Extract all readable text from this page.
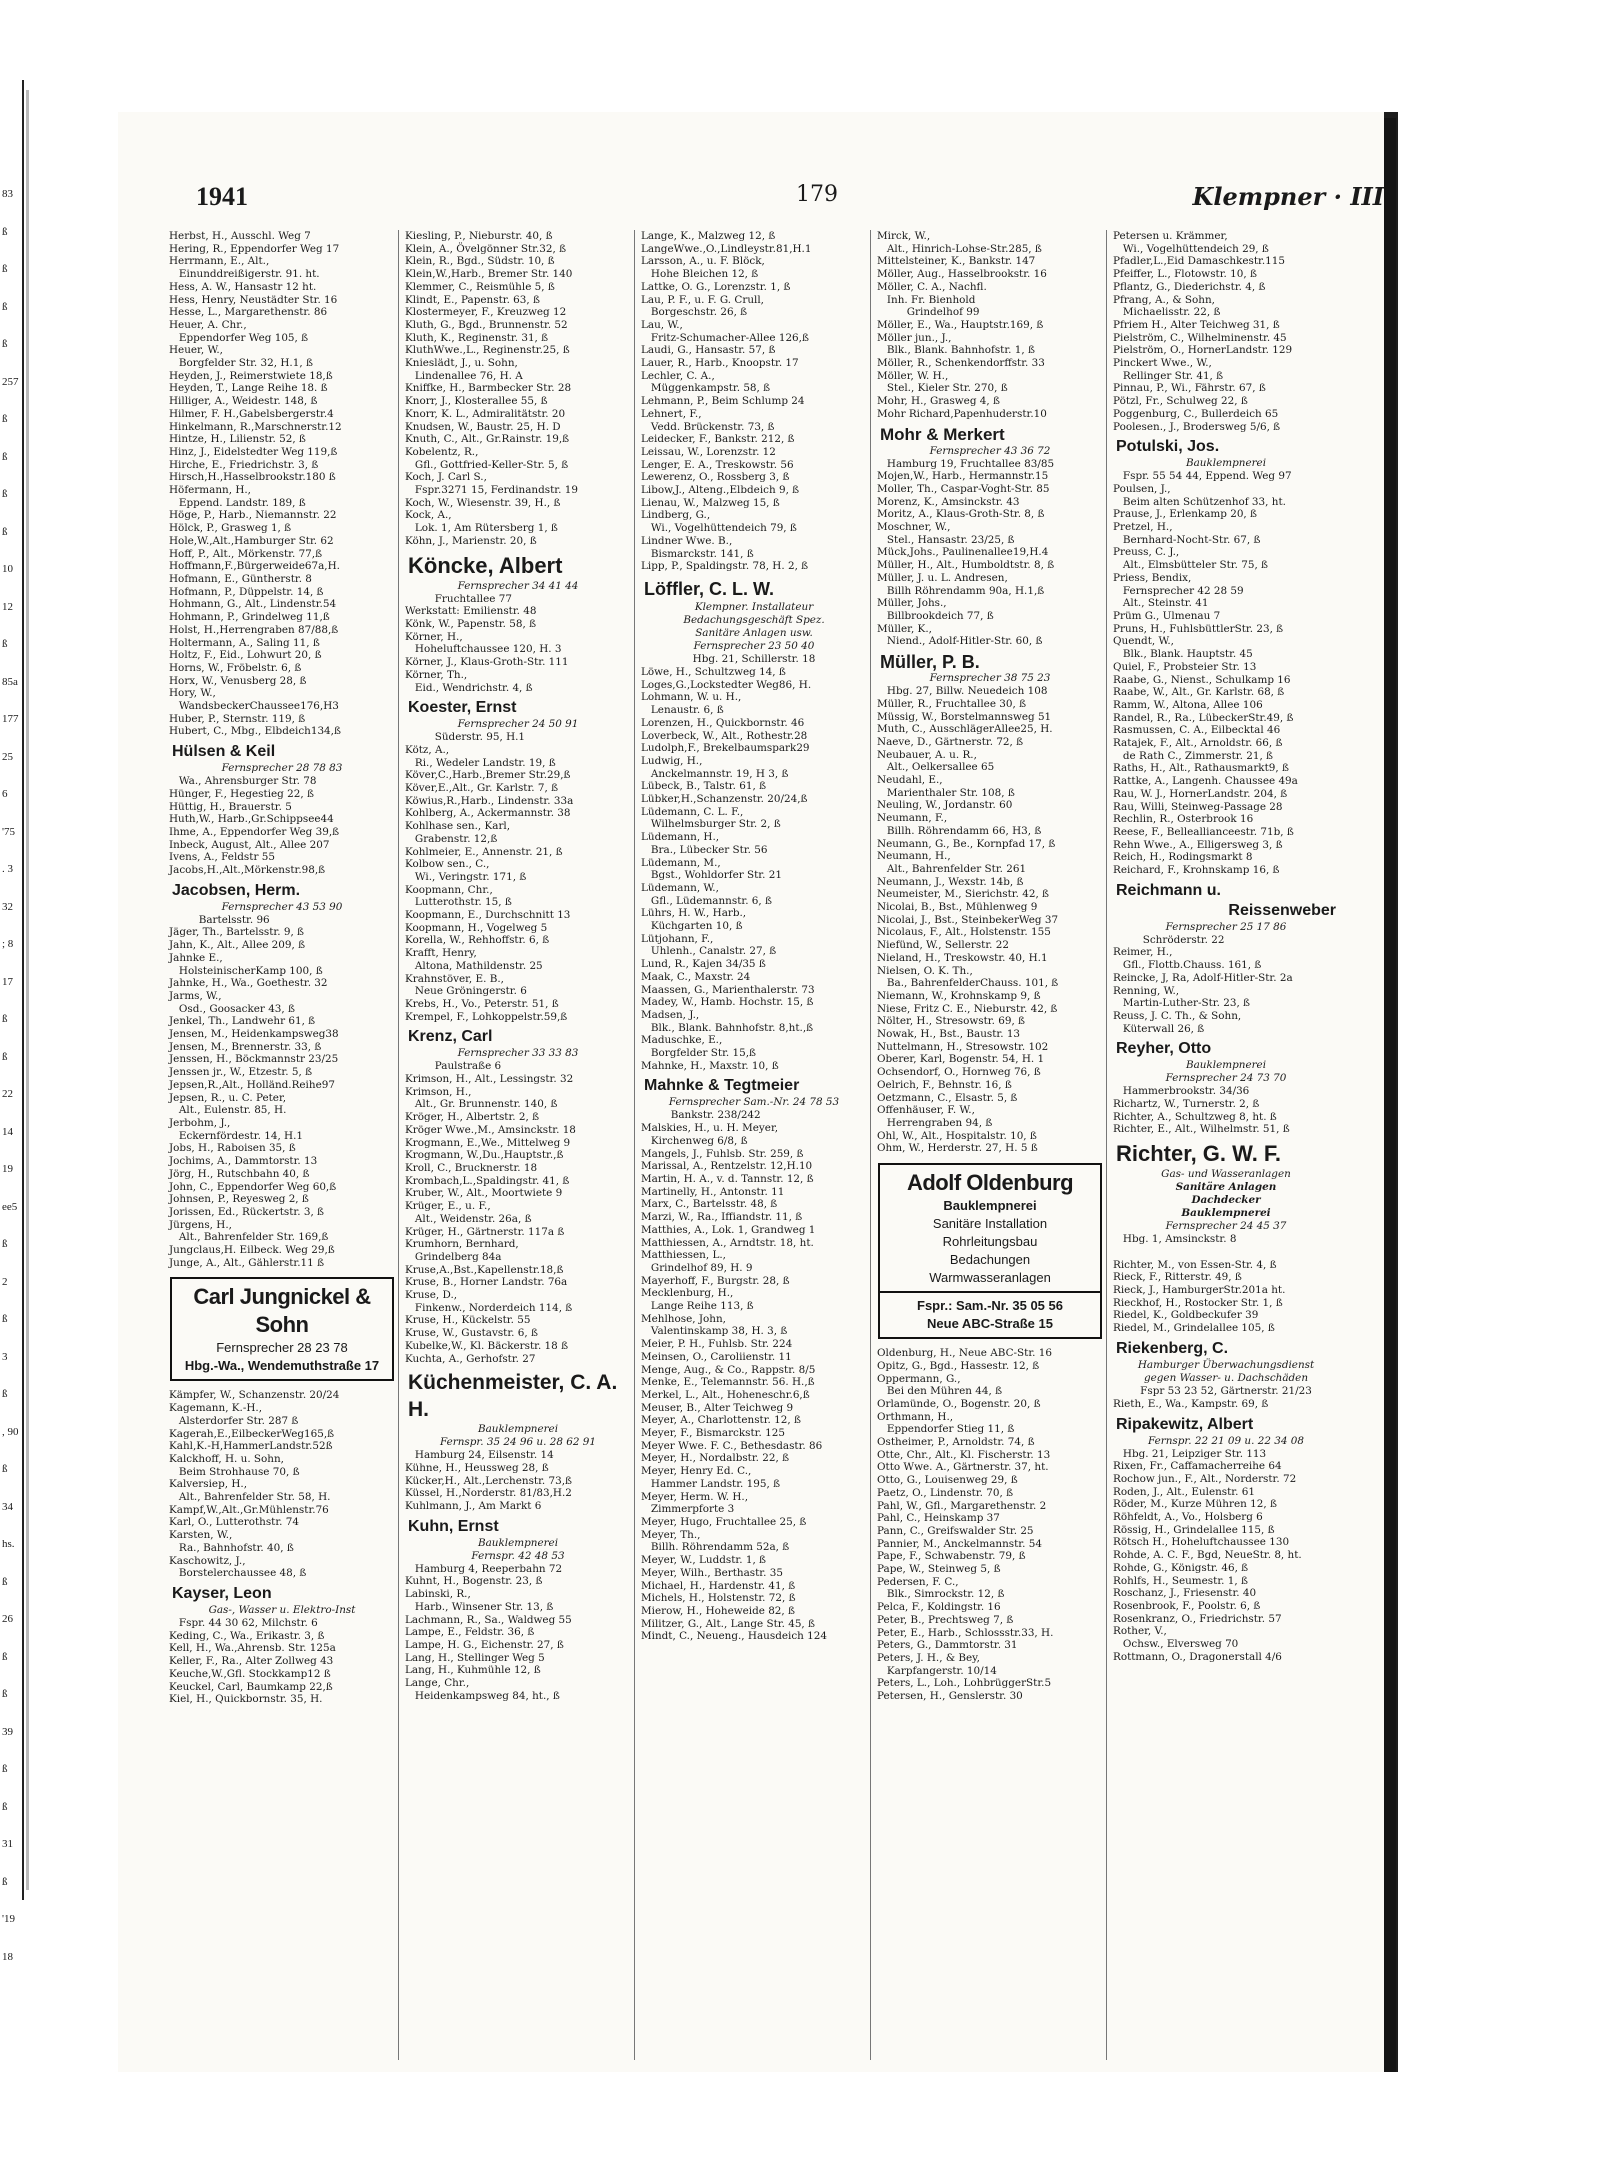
83
ß
ß
ß
ß
257
ß
ß
ß
ß
10
12
ß
85a
177
25
6
'75
. 3
32
; 8
17
ß
ß
22
14
19
ee5
ß
2
ß
3
ß
, 90
ß
34
hs.
ß
26
ß
ß
39
ß
ß
31
ß
'19
18
1941	179	Klempner · III
Herbst, H., Ausschl. Weg 7
Hering, R., Eppendorfer Weg 17
Herrmann, E., Alt.,
Einunddreißigerstr. 91. ht.
Hess, A. W., Hansastr 12 ht.
Hess, Henry, Neustädter Str. 16
Hesse, L., Margarethenstr. 86
Heuer, A. Chr.,
Eppendorfer Weg 105, ß
Heuer, W.,
Borgfelder Str. 32, H.1, ß
Heyden, J., Reimerstwiete 18,ß
Heyden, T., Lange Reihe 18. ß
Hilliger, A., Weidestr. 148, ß
Hilmer, F. H.,Gabelsbergerstr.4
Hinkelmann, R.,Marschnerstr.12
Hintze, H., Lilienstr. 52, ß
Hinz, J., Eidelstedter Weg 119,ß
Hirche, E., Friedrichstr. 3, ß
Hirsch,H.,Hasselbrookstr.180 ß
Höfermann, H.,
Eppend. Landstr. 189, ß
Höge, P., Harb., Niemannstr. 22
Hölck, P., Grasweg 1, ß
Hole,W.,Alt.,Hamburger Str. 62
Hoff, P., Alt., Mörkenstr. 77,ß
Hoffmann,F.,Bürgerweide67a,H.
Hofmann, E., Güntherstr. 8
Hofmann, P., Düppelstr. 14, ß
Hohmann, G., Alt., Lindenstr.54
Hohmann, P., Grindelweg 11,ß
Holst, H.,Herrengraben 87/88,ß
Holtermann, A., Saling 11, ß
Holtz, F., Eid., Lohwurt 20, ß
Horns, W., Fröbelstr. 6, ß
Horx, W., Venusberg 28, ß
Hory, W.,
WandsbeckerChaussee176,H3
Huber, P., Sternstr. 119, ß
Hubert, C., Mbg., Elbdeich134,ß
Hülsen & Keil
Fernsprecher 28 78 83
Wa., Ahrensburger Str. 78
Hünger, F., Hegestieg 22, ß
Hüttig, H., Brauerstr. 5
Huth,W., Harb.,Gr.Schippsee44
Ihme, A., Eppendorfer Weg 39,ß
Inbeck, August, Alt., Allee 207
Ivens, A., Feldstr 55
Jacobs,H.,Alt.,Mörkenstr.98,ß
Jacobsen, Herm.
Fernsprecher 43 53 90
Bartelsstr. 96
Jäger, Th., Bartelsstr. 9, ß
Jahn, K., Alt., Allee 209, ß
Jahnke E.,
HolsteinischerKamp 100, ß
Jahnke, H., Wa., Goethestr. 32
Jarms, W.,
Osd., Goosacker 43, ß
Jenkel, Th., Landwehr 61, ß
Jensen, M., Heidenkampsweg38
Jensen, M., Brennerstr. 33, ß
Jenssen, H., Böckmannstr 23/25
Jenssen jr., W., Etzestr. 5, ß
Jepsen,R.,Alt., Holländ.Reihe97
Jepsen, R., u. C. Peter,
Alt., Eulenstr. 85, H.
Jerbohm, J.,
Eckernfördestr. 14, H.1
Jobs, H., Raboisen 35, ß
Jochims, A., Dammtorstr. 13
Jörg, H., Rutschbahn 40, ß
John, C., Eppendorfer Weg 60,ß
Johnsen, P., Reyesweg 2, ß
Jorissen, Ed., Rückertstr. 3, ß
Jürgens, H.,
Alt., Bahrenfelder Str. 169,ß
Jungclaus,H. Eilbeck. Weg 29,ß
Junge, A., Alt., Gählerstr.11 ß
Carl Jungnickel & Sohn
Fernsprecher 28 23 78
Hbg.-Wa., Wendemuthstraße 17
Kämpfer, W., Schanzenstr. 20/24
Kagemann, K.-H.,
Alsterdorfer Str. 287 ß
Kagerah,E.,EilbeckerWeg165,ß
Kahl,K.-H,HammerLandstr.52ß
Kalckhoff, H. u. Sohn,
Beim Strohhause 70, ß
Kalversiep, H.,
Alt., Bahrenfelder Str. 58, H.
Kampf,W.,Alt.,Gr.Mühlenstr.76
Karl, O., Lutterothstr. 74
Karsten, W.,
Ra., Bahnhofstr. 40, ß
Kaschowitz, J.,
Borstelerchaussee 48, ß
Kayser, Leon
Gas-, Wasser u. Elektro-Inst
Fspr. 44 30 62, Milchstr. 6
Keding, C., Wa., Erikastr. 3, ß
Kell, H., Wa.,Ahrensb. Str. 125a
Keller, F., Ra., Alter Zollweg 43
Keuche,W.,Gfl. Stockkamp12 ß
Keuckel, Carl, Baumkamp 22,ß
Kiel, H., Quickbornstr. 35, H.
Kiesling, P., Nieburstr. 40, ß
Klein, A., Övelgönner Str.32, ß
Klein, R., Bgd., Südstr. 10, ß
Klein,W.,Harb., Bremer Str. 140
Klemmer, C., Reismühle 5, ß
Klindt, E., Papenstr. 63, ß
Klostermeyer, F., Kreuzweg 12
Kluth, G., Bgd., Brunnenstr. 52
Kluth, K., Reginenstr. 31, ß
KluthWwe.,L., Reginenstr.25, ß
Knieslädt, J., u. Sohn,
Lindenallee 76, H. A
Kniffke, H., Barmbecker Str. 28
Knorr, J., Klosterallee 55, ß
Knorr, K. L., Admiralitätstr. 20
Knudsen, W., Baustr. 25, H. D
Knuth, C., Alt., Gr.Rainstr. 19,ß
Kobelentz, R.,
Gfl., Gottfried-Keller-Str. 5, ß
Koch, J. Carl S.,
Fspr.3271 15, Ferdinandstr. 19
Koch, W., Wiesenstr. 39, H., ß
Kock, A.,
Lok. 1, Am Rütersberg 1, ß
Köhn, J., Marienstr. 20, ß
Köncke, Albert
Fernsprecher 34 41 44
Fruchtallee 77
Werkstatt: Emilienstr. 48
Könk, W., Papenstr. 58, ß
Körner, H.,
Hoheluftchaussee 120, H. 3
Körner, J., Klaus-Groth-Str. 111
Körner, Th.,
Eid., Wendrichstr. 4, ß
Koester, Ernst
Fernsprecher 24 50 91
Süderstr. 95, H.1
Kötz, A.,
Ri., Wedeler Landstr. 19, ß
Köver,C.,Harb.,Bremer Str.29,ß
Köver,E.,Alt., Gr. Karlstr. 7, ß
Köwius,R.,Harb., Lindenstr. 33a
Kohlberg, A., Ackermannstr. 38
Kohlhase sen., Karl,
Grabenstr. 12,ß
Kohlmeier, E., Annenstr. 21, ß
Kolbow sen., C.,
Wi., Veringstr. 171, ß
Koopmann, Chr.,
Lutterothstr. 15, ß
Koopmann, E., Durchschnitt 13
Koopmann, H., Vogelweg 5
Korella, W., Rehhoffstr. 6, ß
Krafft, Henry,
Altona, Mathildenstr. 25
Krahnstöver, E. B.,
Neue Gröningerstr. 6
Krebs, H., Vo., Peterstr. 51, ß
Krempel, F., Lohkoppelstr.59,ß
Krenz, Carl
Fernsprecher 33 33 83
Paulstraße 6
Krimson, H., Alt., Lessingstr. 32
Krimson, H.,
Alt., Gr. Brunnenstr. 140, ß
Kröger, H., Albertstr. 2, ß
Kröger Wwe.,M., Amsinckstr. 18
Krogmann, E.,We., Mittelweg 9
Krogmann, W.,Du.,Hauptstr.,ß
Kroll, C., Brucknerstr. 18
Krombach,L.,Spaldingstr. 41, ß
Kruber, W., Alt., Moortwiete 9
Krüger, E., u. F.,
Alt., Weidenstr. 26a, ß
Krüger, H., Gärtnerstr. 117a ß
Krumhorn, Bernhard,
Grindelberg 84a
Kruse,A.,Bst.,Kapellenstr.18,ß
Kruse, B., Horner Landstr. 76a
Kruse, D.,
Finkenw., Norderdeich 114, ß
Kruse, H., Kückelstr. 55
Kruse, W., Gustavstr. 6, ß
Kubelke,W., Kl. Bäckerstr. 18 ß
Kuchta, A., Gerhofstr. 27
Küchenmeister, C. A. H.
Bauklempnerei
Fernspr. 35 24 96 u. 28 62 91
Hamburg 24, Eilsenstr. 14
Kühne, H., Heussweg 28, ß
Kücker,H., Alt.,Lerchenstr. 73,ß
Küssel, H.,Norderstr. 81/83,H.2
Kuhlmann, J., Am Markt 6
Kuhn, Ernst
Bauklempnerei
Fernspr. 42 48 53
Hamburg 4, Reeperbahn 72
Kuhnt, H., Bogenstr. 23, ß
Labinski, R.,
Harb., Winsener Str. 13, ß
Lachmann, R., Sa., Waldweg 55
Lampe, E., Feldstr. 36, ß
Lampe, H. G., Eichenstr. 27, ß
Lang, H., Stellinger Weg 5
Lang, H., Kuhmühle 12, ß
Lange, Chr.,
Heidenkampsweg 84, ht., ß
Lange, K., Malzweg 12, ß
LangeWwe.,O.,Lindleystr.81,H.1
Larsson, A., u. F. Blöck,
Hohe Bleichen 12, ß
Lattke, O. G., Lorenzstr. 1, ß
Lau, P. F., u. F. G. Crull,
Borgeschstr. 26, ß
Lau, W.,
Fritz-Schumacher-Allee 126,ß
Laudi, G., Hansastr. 57, ß
Lauer, R., Harb., Knoopstr. 17
Lechler, C. A.,
Müggenkampstr. 58, ß
Lehmann, P., Beim Schlump 24
Lehnert, F.,
Vedd. Brückenstr. 73, ß
Leidecker, F., Bankstr. 212, ß
Leissau, W., Lorenzstr. 12
Lenger, E. A., Treskowstr. 56
Lewerenz, O., Rossberg 3, ß
Libow,J., Alteng.,Elbdeich 9, ß
Lienau, W., Malzweg 15, ß
Lindberg, G.,
Wi., Vogelhüttendeich 79, ß
Lindner Wwe. B.,
Bismarckstr. 141, ß
Lipp, P., Spaldingstr. 78, H. 2, ß
Löffler, C. L. W.
Klempner. Installateur
Bedachungsgeschäft Spez.
Sanitäre Anlagen usw.
Fernsprecher 23 50 40
Hbg. 21, Schillerstr. 18
Löwe, H., Schultzweg 14, ß
Loges,G.,Lockstedter Weg86, H.
Lohmann, W. u. H.,
Lenaustr. 6, ß
Lorenzen, H., Quickbornstr. 46
Loverbeck, W., Alt., Rothestr.28
Ludolph,F., Brekelbaumspark29
Ludwig, H.,
Anckelmannstr. 19, H 3, ß
Lübeck, B., Talstr. 61, ß
Lübker,H.,Schanzenstr. 20/24,ß
Lüdemann, C. L. F.,
Wilhelmsburger Str. 2, ß
Lüdemann, H.,
Bra., Lübecker Str. 56
Lüdemann, M.,
Bgst., Wohldorfer Str. 21
Lüdemann, W.,
Gfl., Lüdemannstr. 6, ß
Lührs, H. W., Harb.,
Küchgarten 10, ß
Lütjohann, F.,
Uhlenh., Canalstr. 27, ß
Lund, R., Kajen 34/35 ß
Maak, C., Maxstr. 24
Maassen, G., Marienthalerstr. 73
Madey, W., Hamb. Hochstr. 15, ß
Madsen, J.,
Blk., Blank. Bahnhofstr. 8,ht.,ß
Maduschke, E.,
Borgfelder Str. 15,ß
Mahnke, H., Maxstr. 10, ß
Mahnke & Tegtmeier
Fernsprecher Sam.-Nr. 24 78 53
Bankstr. 238/242
Malskies, H., u. H. Meyer,
Kirchenweg 6/8, ß
Mangels, J., Fuhlsb. Str. 259, ß
Marissal, A., Rentzelstr. 12,H.10
Martin, H. A., v. d. Tannstr. 12, ß
Martinelly, H., Antonstr. 11
Marx, C., Bartelsstr. 48, ß
Marzi, W., Ra., Iffiandstr. 11, ß
Matthies, A., Lok. 1, Grandweg 1
Matthiessen, A., Arndtstr. 18, ht.
Matthiessen, L.,
Grindelhof 89, H. 9
Mayerhoff, F., Burgstr. 28, ß
Mecklenburg, H.,
Lange Reihe 113, ß
Mehlhose, John,
Valentinskamp 38, H. 3, ß
Meier, P. H., Fuhlsb. Str. 224
Meinsen, O., Caroliienstr. 11
Menge, Aug., & Co., Rappstr. 8/5
Menke, E., Telemannstr. 56. H.,ß
Merkel, L., Alt., Hoheneschr.6,ß
Meuser, B., Alter Teichweg 9
Meyer, A., Charlottenstr. 12, ß
Meyer, F., Bismarckstr. 125
Meyer Wwe. F. C., Bethesdastr. 86
Meyer, H., Nordalbstr. 22, ß
Meyer, Henry Ed. C.,
Hammer Landstr. 195, ß
Meyer, Herm. W. H.,
Zimmerpforte 3
Meyer, Hugo, Fruchtallee 25, ß
Meyer, Th.,
Billh. Röhrendamm 52a, ß
Meyer, W., Luddstr. 1, ß
Meyer, Wilh., Berthastr. 35
Michael, H., Hardenstr. 41, ß
Michels, H., Holstenstr. 72, ß
Mierow, H., Hoheweide 82, ß
Militzer, G., Alt., Lange Str. 45, ß
Mindt, C., Neueng., Hausdeich 124
Mirck, W.,
Alt., Hinrich-Lohse-Str.285, ß
Mittelsteiner, K., Bankstr. 147
Möller, Aug., Hasselbrookstr. 16
Möller, C. A., Nachfl.
Inh. Fr. Bienhold
Grindelhof 99
Möller, E., Wa., Hauptstr.169, ß
Möller jun., J.,
Blk., Blank. Bahnhofstr. 1, ß
Möller, R., Schenkendorffstr. 33
Möller, W. H.,
Stel., Kieler Str. 270, ß
Mohr, H., Grasweg 4, ß
Mohr Richard,Papenhuderstr.10
Mohr & Merkert
Fernsprecher 43 36 72
Hamburg 19, Fruchtallee 83/85
Mojen,W., Harb., Hermannstr.15
Moller, Th., Caspar-Voght-Str. 85
Morenz, K., Amsinckstr. 43
Moritz, A., Klaus-Groth-Str. 8, ß
Moschner, W.,
Stel., Hansastr. 23/25, ß
Mück,Johs., Paulinenallee19,H.4
Müller, H., Alt., Humboldtstr. 8, ß
Müller, J. u. L. Andresen,
Billh Röhrendamm 90a, H.1,ß
Müller, Johs.,
Billbrookdeich 77, ß
Müller, K.,
Niend., Adolf-Hitler-Str. 60, ß
Müller, P. B.
Fernsprecher 38 75 23
Hbg. 27, Billw. Neuedeich 108
Müller, R., Fruchtallee 30, ß
Müssig, W., Borstelmannsweg 51
Muth, C., AusschlägerAllee25, H.
Naeve, D., Gärtnerstr. 72, ß
Neubauer, A. u. R.,
Alt., Oelkersallee 65
Neudahl, E.,
Marienthaler Str. 108, ß
Neuling, W., Jordanstr. 60
Neumann, F.,
Billh. Röhrendamm 66, H3, ß
Neumann, G., Be., Kornpfad 17, ß
Neumann, H.,
Alt., Bahrenfelder Str. 261
Neumann, J., Wexstr. 14b, ß
Neumeister, M., Sierichstr. 42, ß
Nicolai, B., Bst., Mühlenweg 9
Nicolai, J., Bst., SteinbekerWeg 37
Nicolaus, F., Alt., Holstenstr. 155
Niefünd, W., Sellerstr. 22
Nieland, H., Treskowstr. 40, H.1
Nielsen, O. K. Th.,
Ba., BahrenfelderChauss. 101, ß
Niemann, W., Krohnskamp 9, ß
Niese, Fritz C. E., Nieburstr. 42, ß
Nölter, H., Stresowstr. 69, ß
Nowak, H., Bst., Baustr. 13
Nuttelmann, H., Stresowstr. 102
Oberer, Karl, Bogenstr. 54, H. 1
Ochsendorf, O., Hornweg 76, ß
Oelrich, F., Behnstr. 16, ß
Oetzmann, C., Elsastr. 5, ß
Offenhäuser, F. W.,
Herrengraben 94, ß
Ohl, W., Alt., Hospitalstr. 10, ß
Ohm, W., Herderstr. 27, H. 5 ß
Adolf Oldenburg
Bauklempnerei
Sanitäre Installation
Rohrleitungsbau
Bedachungen
Warmwasseranlagen
Fspr.: Sam.-Nr. 35 05 56
Neue ABC-Straße 15
Oldenburg, H., Neue ABC-Str. 16
Opitz, G., Bgd., Hassestr. 12, ß
Oppermann, G.,
Bei den Mühren 44, ß
Orlamünde, O., Bogenstr. 20, ß
Orthmann, H.,
Eppendorfer Stieg 11, ß
Ostheimer, P., Arnoldstr. 74, ß
Otte, Chr., Alt., Kl. Fischerstr. 13
Otto Wwe. A., Gärtnerstr. 37, ht.
Otto, G., Louisenweg 29, ß
Paetz, O., Lindenstr. 70, ß
Pahl, W., Gfl., Margarethenstr. 2
Pahl, C., Heinskamp 37
Pann, C., Greifswalder Str. 25
Pannier, M., Anckelmannstr. 54
Pape, F., Schwabenstr. 79, ß
Pape, W., Steinweg 5, ß
Pedersen, F. C.,
Blk., Simrockstr. 12, ß
Pelca, F., Koldingstr. 16
Peter, B., Prechtsweg 7, ß
Peter, E., Harb., Schlossstr.33, H.
Peters, G., Dammtorstr. 31
Peters, J. H., & Bey,
Karpfangerstr. 10/14
Peters, L., Loh., LohbrüggerStr.5
Petersen, H., Genslerstr. 30
Petersen u. Krämmer,
Wi., Vogelhüttendeich 29, ß
Pfadler,L.,Eid Damaschkestr.115
Pfeiffer, L., Flotowstr. 10, ß
Pflantz, G., Diederichstr. 4, ß
Pfrang, A., & Sohn,
Michaelisstr. 22, ß
Pfriem H., Alter Teichweg 31, ß
Pielström, C., Wilhelminenstr. 45
Pielström, O., HornerLandstr. 129
Pinckert Wwe., W.,
Rellinger Str. 41, ß
Pinnau, P., Wi., Fährstr. 67, ß
Pötzl, Fr., Schulweg 22, ß
Poggenburg, C., Bullerdeich 65
Poolesen., J., Brodersweg 5/6, ß
Potulski, Jos.
Bauklempnerei
Fspr. 55 54 44, Eppend. Weg 97
Poulsen, J.,
Beim alten Schützenhof 33, ht.
Prause, J., Erlenkamp 20, ß
Pretzel, H.,
Bernhard-Nocht-Str. 67, ß
Preuss, C. J.,
Alt., Elmsbütteler Str. 75, ß
Priess, Bendix,
Fernsprecher 42 28 59
Alt., Steinstr. 41
Prüm G., Ulmenau 7
Pruns, H., FuhlsbüttlerStr. 23, ß
Quendt, W.,
Blk., Blank. Hauptstr. 45
Quiel, F., Probsteier Str. 13
Raabe, G., Nienst., Schulkamp 16
Raabe, W., Alt., Gr. Karlstr. 68, ß
Ramm, W., Altona, Allee 106
Randel, R., Ra., LübeckerStr.49, ß
Rasmussen, C. A., Eilbecktal 46
Ratajek, F., Alt., Arnoldstr. 66, ß
de Rath C., Zimmerstr. 21, ß
Raths, H., Alt., Rathausmarkt9, ß
Rattke, A., Langenh. Chaussee 49a
Rau, W. J., HornerLandstr. 204, ß
Rau, Willi, Steinweg-Passage 28
Rechlin, R., Osterbrook 16
Reese, F., Belleallianceestr. 71b, ß
Rehn Wwe., A., Elligersweg 3, ß
Reich, H., Rodingsmarkt 8
Reichard, F., Krohnskamp 16, ß
Reichmann u.
Reissenweber
Fernsprecher 25 17 86
Schröderstr. 22
Reimer, H.,
Gfl., Flottb.Chauss. 161, ß
Reincke, J, Ra, Adolf-Hitler-Str. 2a
Renning, W.,
Martin-Luther-Str. 23, ß
Reuss, J. C. Th., & Sohn,
Küterwall 26, ß
Reyher, Otto
Bauklempnerei
Fernsprecher 24 73 70
Hammerbrookstr. 34/36
Richartz, W., Turnerstr. 2, ß
Richter, A., Schultzweg 8, ht. ß
Richter, E., Alt., Wilhelmstr. 51, ß
Richter, G. W. F.
Gas- und Wasseranlagen
Sanitäre Anlagen
Dachdecker
Bauklempnerei
Fernsprecher 24 45 37
Hbg. 1, Amsinckstr. 8

Richter, M., von Essen-Str. 4, ß
Rieck, F., Ritterstr. 49, ß
Rieck, J., HamburgerStr.201a ht.
Rieckhof, H., Rostocker Str. 1, ß
Riedel, K., Goldbeckufer 39
Riedel, M., Grindelallee 105, ß
Riekenberg, C.
Hamburger Überwachungsdienst
gegen Wasser- u. Dachschäden
Fspr 53 23 52, Gärtnerstr. 21/23
Rieth, E., Wa., Kampstr. 69, ß
Ripakewitz, Albert
Fernspr. 22 21 09 u. 22 34 08
Hbg. 21, Leipziger Str. 113
Rixen, Fr., Caffamacherreihe 64
Rochow jun., F., Alt., Norderstr. 72
Roden, J., Alt., Eulenstr. 61
Röder, M., Kurze Mühren 12, ß
Röhfeldt, A., Vo., Holsberg 6
Rössig, H., Grindelallee 115, ß
Rötsch H., Hoheluftchaussee 130
Rohde, A. C. F., Bgd, NeueStr. 8, ht.
Rohde, G., Königstr. 46, ß
Rohlfs, H., Seumestr. 1, ß
Roschanz, J., Friesenstr. 40
Rosenbrook, F., Poolstr. 6, ß
Rosenkranz, O., Friedrichstr. 57
Rother, V.,
Ochsw., Elversweg 70
Rottmann, O., Dragonerstall 4/6
